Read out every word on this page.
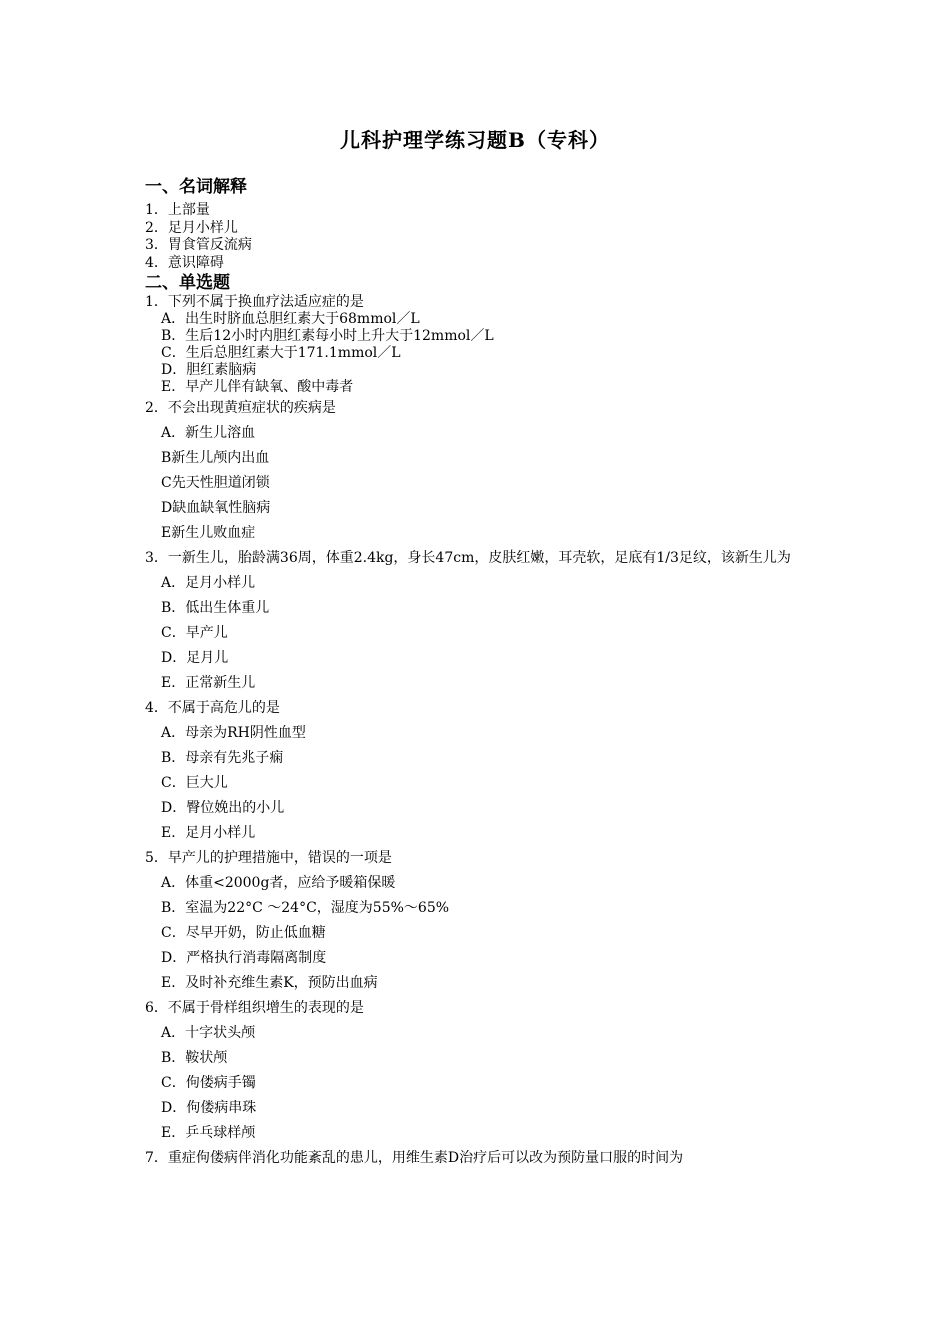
儿科护理学练习题B（专科）
一、名词解释
1．上部量
2．足月小样儿
3．胃食管反流病
4．意识障碍
二、单选题
1．下列不属于换血疗法适应症的是
A．出生时脐血总胆红素大于68mmol／L
B．生后12小时内胆红素每小时上升大于12mmol／L
C．生后总胆红素大于171.1mmol／L
D．胆红素脑病
E．早产儿伴有缺氧、酸中毒者
2．不会出现黄疸症状的疾病是
A．新生儿溶血
B新生儿颅内出血
C先天性胆道闭锁
D缺血缺氧性脑病
E新生儿败血症
3．一新生儿，胎龄满36周，体重2.4kg，身长47cm，皮肤红嫩，耳壳软，足底有1/3足纹，该新生儿为
A．足月小样儿
B．低出生体重儿
C．早产儿
D．足月儿
E．正常新生儿
4．不属于高危儿的是
A．母亲为RH阴性血型
B．母亲有先兆子痫
C．巨大儿
D．臀位娩出的小儿
E．足月小样儿
5．早产儿的护理措施中，错误的一项是
A．体重<2000g者，应给予暖箱保暖
B．室温为22°C ～24°C，湿度为55%～65%
C．尽早开奶，防止低血糖
D．严格执行消毒隔离制度
E．及时补充维生素K，预防出血病
6．不属于骨样组织增生的表现的是
A．十字状头颅
B．鞍状颅
C．佝偻病手镯
D．佝偻病串珠
E．乒乓球样颅
7．重症佝偻病伴消化功能紊乱的患儿，用维生素D治疗后可以改为预防量口服的时间为
